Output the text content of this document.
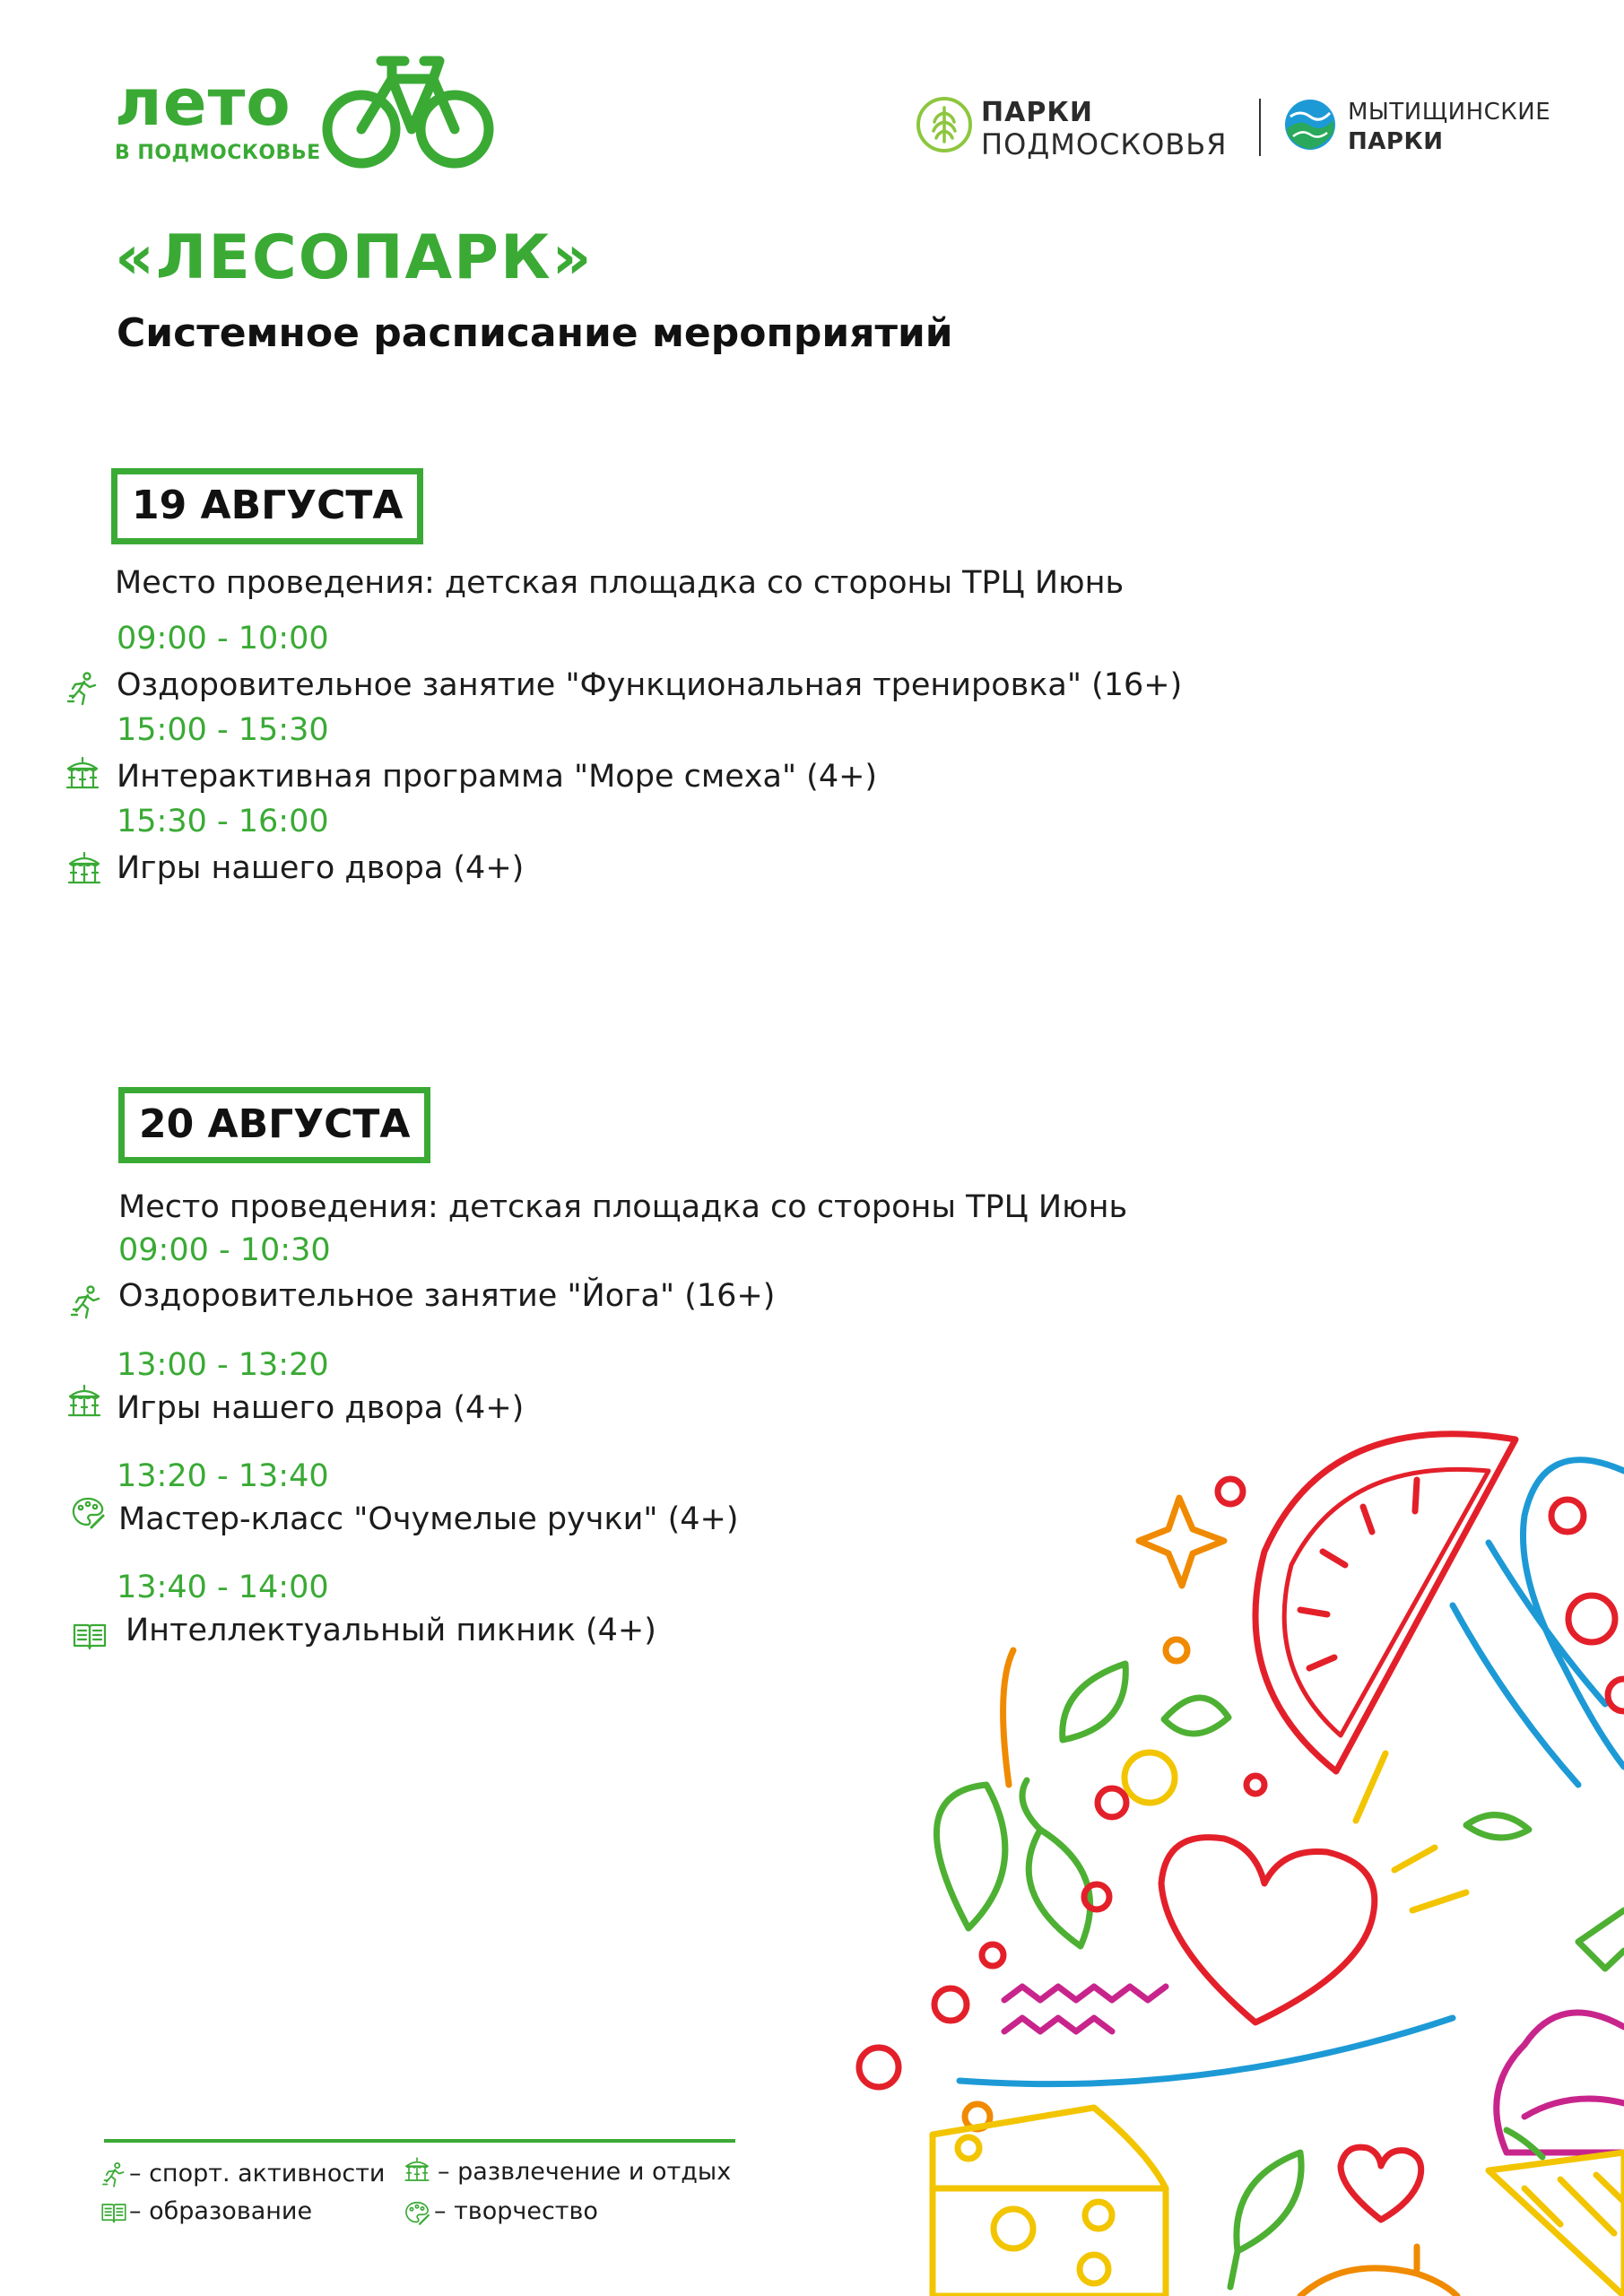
лето
В ПОДМОСКОВЬЕ
ПАРКИ
ПОДМОСКОВЬЯ
МЫТИЩИНСКИЕ
ПАРКИ
«ЛЕСОПАРК»
Системное расписание мероприятий
19 АВГУСТА
Место проведения: детская площадка со стороны ТРЦ Июнь
09:00 - 10:00
Оздоровительное занятие "Функциональная тренировка" (16+)
15:00 - 15:30
Интерактивная программа "Море смеха" (4+)
15:30 - 16:00
Игры нашего двора (4+)
20 АВГУСТА
Место проведения: детская площадка со стороны ТРЦ Июнь
09:00 - 10:30
Оздоровительное занятие "Йога" (16+)
13:00 - 13:20
Игры нашего двора (4+)
13:20 - 13:40
Мастер-класс "Очумелые ручки" (4+)
13:40 - 14:00
Интеллектуальный пикник (4+)
– спорт. активности – развлечение и отдых
– образование	– творчество
